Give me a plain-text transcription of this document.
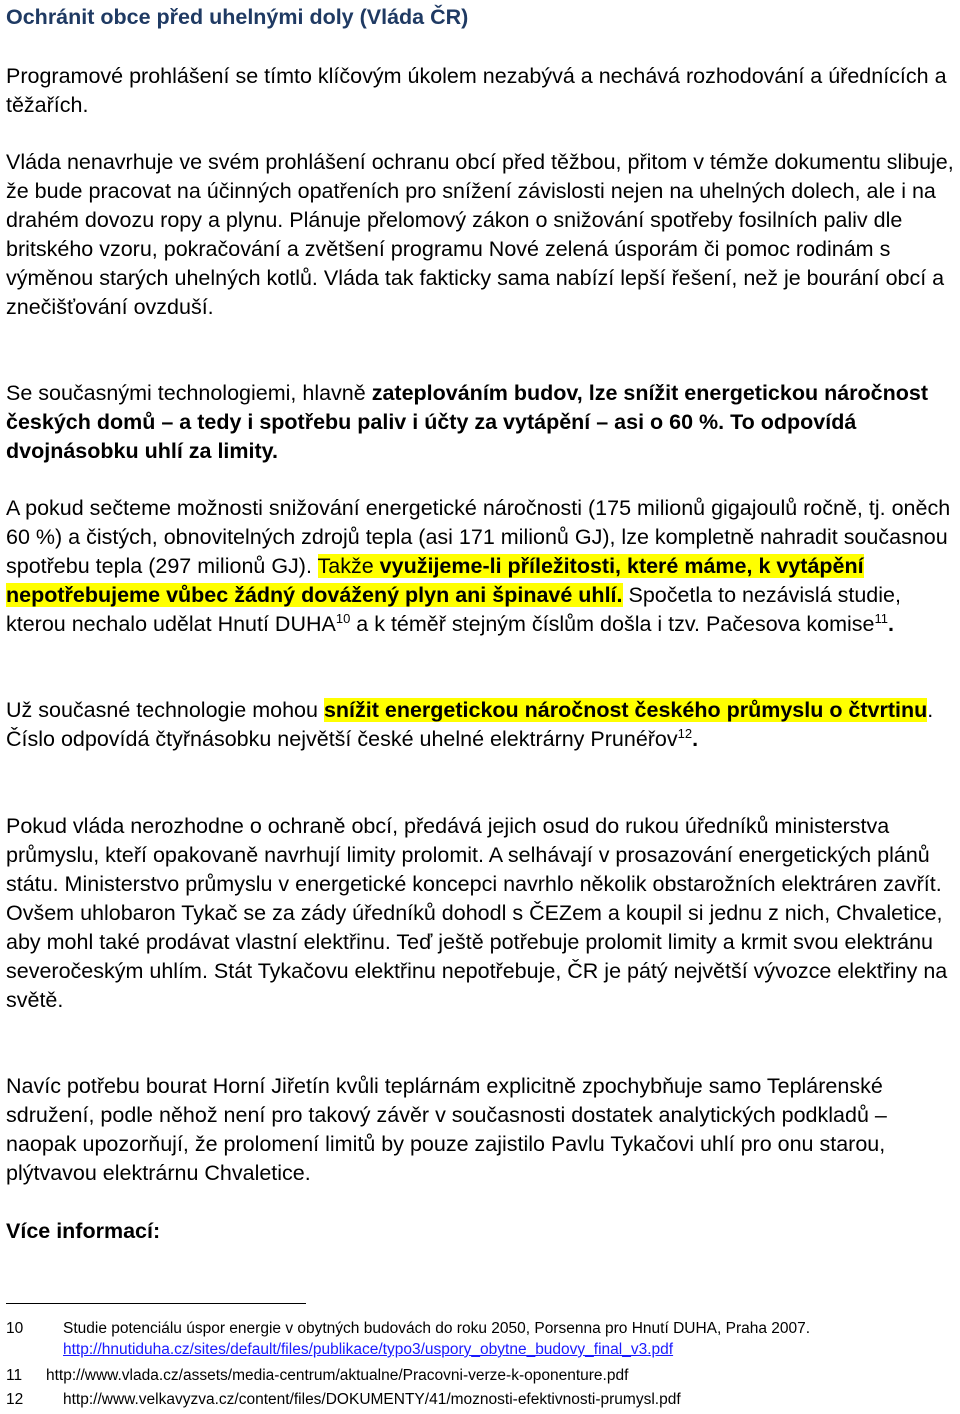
Ochránit obce před uhelnými doly (Vláda ČR)

Programové prohlášení se tímto klíčovým úkolem nezabývá a nechává rozhodování a úřednících a těžařích.

Vláda nenavrhuje ve svém prohlášení ochranu obcí před těžbou, přitom v témže dokumentu slibuje, že bude pracovat na účinných opatřeních pro snížení závislosti nejen na uhelných dolech, ale i na drahém dovozu ropy a plynu. Plánuje přelomový zákon o snižování spotřeby fosilních paliv dle britského vzoru, pokračování a zvětšení programu Nové zelená úsporám či pomoc rodinám s výměnou starých uhelných kotlů. Vláda tak fakticky sama nabízí lepší řešení, než je bourání obcí a znečišťování ovzduší.

Se současnými technologiemi, hlavně zateplováním budov, lze snížit energetickou náročnost českých domů – a tedy i spotřebu paliv i účty za vytápění – asi o 60 %. To odpovídá dvojnásobku uhlí za limity.

A pokud sečteme možnosti snižování energetické náročnosti (175 milionů gigajoulů ročně, tj. oněch 60 %) a čistých, obnovitelných zdrojů tepla (asi 171 milionů GJ), lze kompletně nahradit současnou spotřebu tepla (297 milionů GJ). Takže využijeme-li příležitosti, které máme, k vytápění nepotřebujeme vůbec žádný dovážený plyn ani špinavé uhlí. Spočetla to nezávislá studie, kterou nechalo udělat Hnutí DUHA$^{10}$ a k téměř stejným číslům došla i tzv. Pačesova komise$^{11}$.

Už současné technologie mohou snížit energetickou náročnost českého průmyslu o čtvrtinu. Číslo odpovídá čtyřnásobku největší české uhelné elektrárny Prunéřov$^{12}$.

Pokud vláda nerozhodne o ochraně obcí, předává jejich osud do rukou úředníků ministerstva průmyslu, kteří opakovaně navrhují limity prolomit. A selhávají v prosazování energetických plánů státu. Ministerstvo průmyslu v energetické koncepci navrhlo několik obstarožních elektráren zavřít. Ovšem uhlobaron Tykač se za zády úředníků dohodl s ČEZem a koupil si jednu z nich, Chvaletice, aby mohl také prodávat vlastní elektřinu. Teď ještě potřebuje prolomit limity a krmit svou elektránu severočeským uhlím. Stát Tykačovu elektřinu nepotřebuje, ČR je pátý největší vývozce elektřiny na světě.

Navíc potřebu bourat Horní Jiřetín kvůli teplárnám explicitně zpochybňuje samo Teplárenské sdružení, podle něhož není pro takový závěr v současnosti dostatek analytických podkladů – naopak upozorňují, že prolomení limitů by pouze zajistilo Pavlu Tykačovi uhlí pro onu starou, plýtvavou elektrárnu Chvaletice.

Více informací:

10	Studie potenciálu úspor energie v obytných budovách do roku 2050, Porsenna pro Hnutí DUHA, Praha 2007. http://hnutiduha.cz/sites/default/files/publikace/typo3/uspory_obytne_budovy_final_v3.pdf
11 http://www.vlada.cz/assets/media-centrum/aktualne/Pracovni-verze-k-oponenture.pdf
12	http://www.velkavyzva.cz/content/files/DOKUMENTY/41/moznosti-efektivnosti-prumysl.pdf
